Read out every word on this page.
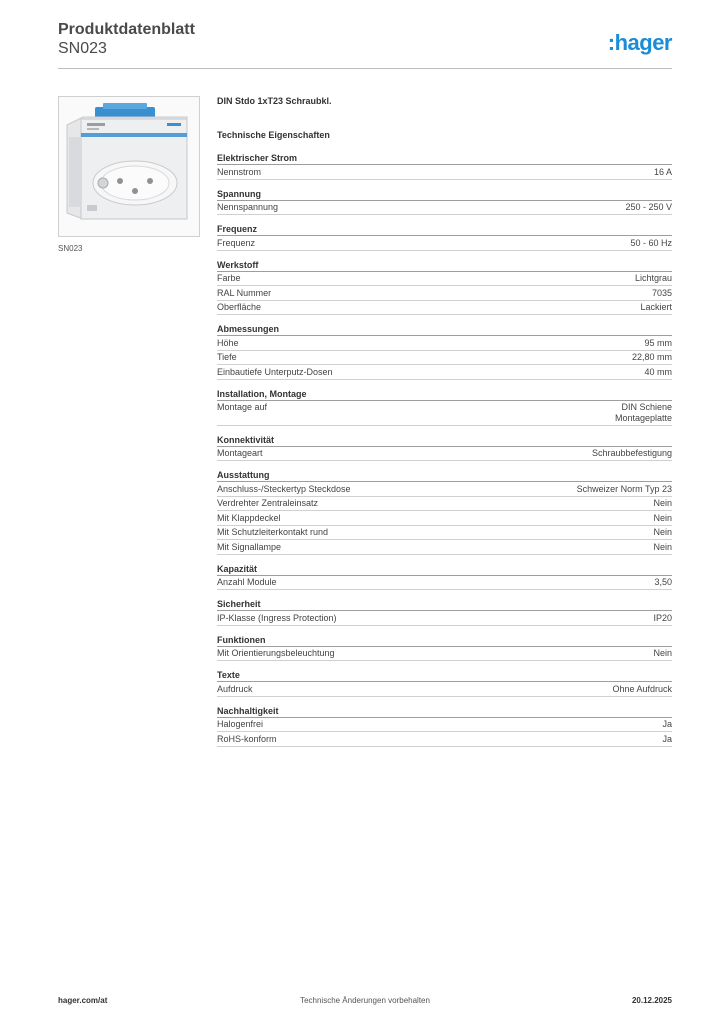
Produktdatenblatt
SN023	:hager
SN023
DIN Stdo 1xT23 Schraubkl.
Technische Eigenschaften
Elektrischer Strom
Nennstrom	16 A
Spannung
Nennspannung	250 - 250 V
Frequenz
Frequenz	50 - 60 Hz
Werkstoff
Farbe	Lichtgrau
RAL Nummer	7035
Oberfläche	Lackiert
Abmessungen
Höhe	95 mm
Tiefe	22,80 mm
Einbautiefe Unterputz-Dosen	40 mm
Installation, Montage
Montage auf	DIN Schiene
Montageplatte
Konnektivität
Montageart	Schraubbefestigung
Ausstattung
Anschluss-/Steckertyp Steckdose	Schweizer Norm Typ 23
Verdrehter Zentraleinsatz	Nein
Mit Klappdeckel	Nein
Mit Schutzleiterkontakt rund	Nein
Mit Signallampe	Nein
Kapazität
Anzahl Module	3,50
Sicherheit
IP-Klasse (Ingress Protection)	IP20
Funktionen
Mit Orientierungsbeleuchtung	Nein
Texte
Aufdruck	Ohne Aufdruck
Nachhaltigkeit
Halogenfrei	Ja
RoHS-konform	Ja
hager.com/at	Technische Änderungen vorbehalten	20.12.2025
